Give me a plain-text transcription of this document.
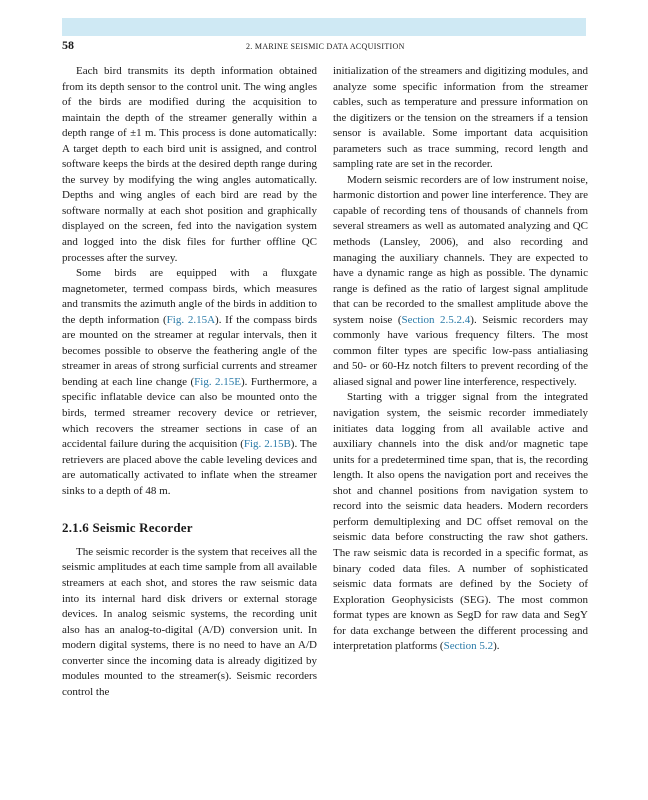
58	2. MARINE SEISMIC DATA ACQUISITION

Each bird transmits its depth information obtained from its depth sensor to the control unit. The wing angles of the birds are modified during the acquisition to maintain the depth of the streamer generally within a depth range of ±1 m. This process is done automatically: A target depth to each bird unit is assigned, and control software keeps the birds at the desired depth range during the survey by modifying the wing angles automatically. Depths and wing angles of each bird are read by the software normally at each shot position and graphically displayed on the screen, fed into the navigation system and logged into the disk files for further offline QC processes after the survey.

Some birds are equipped with a fluxgate magnetometer, termed compass birds, which measures and transmits the azimuth angle of the birds in addition to the depth information (Fig. 2.15A). If the compass birds are mounted on the streamer at regular intervals, then it becomes possible to observe the feathering angle of the streamer in areas of strong surficial currents and streamer bending at each line change (Fig. 2.15E). Furthermore, a specific inflatable device can also be mounted onto the birds, termed streamer recovery device or retriever, which recovers the streamer sections in case of an accidental failure during the acquisition (Fig. 2.15B). The retrievers are placed above the cable leveling devices and are automatically activated to inflate when the streamer sinks to a depth of 48 m.

2.1.6 Seismic Recorder

The seismic recorder is the system that receives all the seismic amplitudes at each time sample from all available streamers at each shot, and stores the raw seismic data into its internal hard disk drivers or external storage devices. In analog seismic systems, the recording unit also has an analog-to-digital (A/D) conversion unit. In modern digital systems, there is no need to have an A/D converter since the incoming data is already digitized by modules mounted to the streamer(s). Seismic recorders control the

initialization of the streamers and digitizing modules, and analyze some specific information from the streamer cables, such as temperature and pressure information on the digitizers or the tension on the streamers if a tension sensor is available. Some important data acquisition parameters such as trace summing, record length and sampling rate are set in the recorder.

Modern seismic recorders are of low instrument noise, harmonic distortion and power line interference. They are capable of recording tens of thousands of channels from several streamers as well as automated analyzing and QC methods (Lansley, 2006), and also recording and managing the auxiliary channels. They are expected to have a dynamic range as high as possible. The dynamic range is defined as the ratio of largest signal amplitude that can be recorded to the smallest amplitude above the system noise (Section 2.5.2.4). Seismic recorders may commonly have various frequency filters. The most common filter types are specific low-pass antialiasing and 50- or 60-Hz notch filters to prevent recording of the aliased signal and power line interference, respectively.

Starting with a trigger signal from the integrated navigation system, the seismic recorder immediately initiates data logging from all available active and auxiliary channels into the disk and/or magnetic tape units for a predetermined time span, that is, the recording length. It also opens the navigation port and receives the shot and channel positions from navigation system to record into the seismic data headers. Modern recorders perform demultiplexing and DC offset removal on the seismic data before constructing the raw shot gathers. The raw seismic data is recorded in a specific format, as binary coded data files. A number of sophisticated seismic data formats are defined by the Society of Exploration Geophysicists (SEG). The most common format types are known as SegD for raw data and SegY for data exchange between the different processing and interpretation platforms (Section 5.2).
